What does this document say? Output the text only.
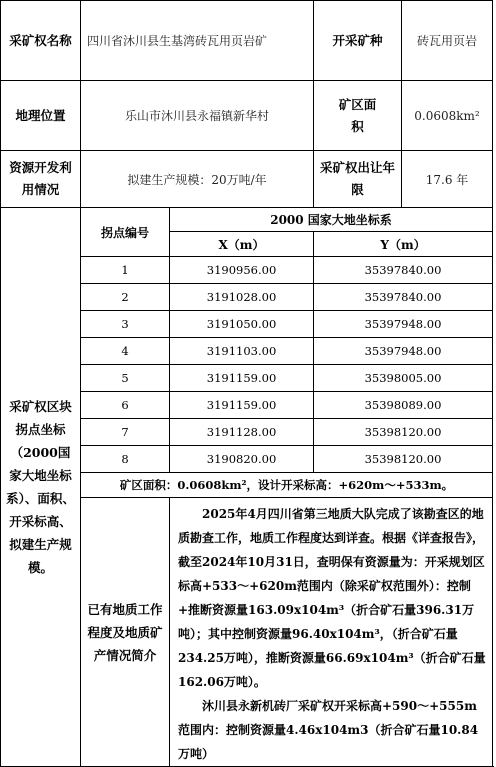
采矿权名称	四川省沐川县生基湾砖瓦用页岩矿		开采矿种	砖瓦用页岩
地理位置	乐山市沐川县永福镇新华村		矿区面积	0.0608km²
资源开发利用情况	拟建生产规模：20万吨/年		采矿权出让年限	17.6 年
采矿权区块拐点坐标（2000国家大地坐标系）、面积、开采标高、拟建生产规模。	拐点编号	2000 国家大地坐标系		
		X（m）	Y（m）	
	1	3190956.00	35397840.00	
	2	3191028.00	35397840.00	
	3	3191050.00	35397948.00	
	4	3191103.00	35397948.00	
	5	3191159.00	35398005.00	
	6	3191159.00	35398089.00	
	7	3191128.00	35398120.00	
	8	3190820.00	35398120.00	
	矿区面积：0.0608km²，设计开采标高：+620m～+533m。			
	已有地质工作程度及地质矿产情况简介	2025年4月四川省第三地质大队完成了该勘查区的地质勘查工作，地质工作程度达到详查。根据《详查报告》，截至2024年10月31日，查明保有资源量为：开采规划区标高+533～+620m范围内（除采矿权范围外）：控制+推断资源量163.09x104m³（折合矿石量396.31万吨）；其中控制资源量96.40x104m³，（折合矿石量234.25万吨），推断资源量66.69x104m³（折合矿石量162.06万吨）。

沐川县永新机砖厂采矿权开采标高+590～+555m范围内：控制资源量4.46x104m3（折合矿石量10.84万吨）		
